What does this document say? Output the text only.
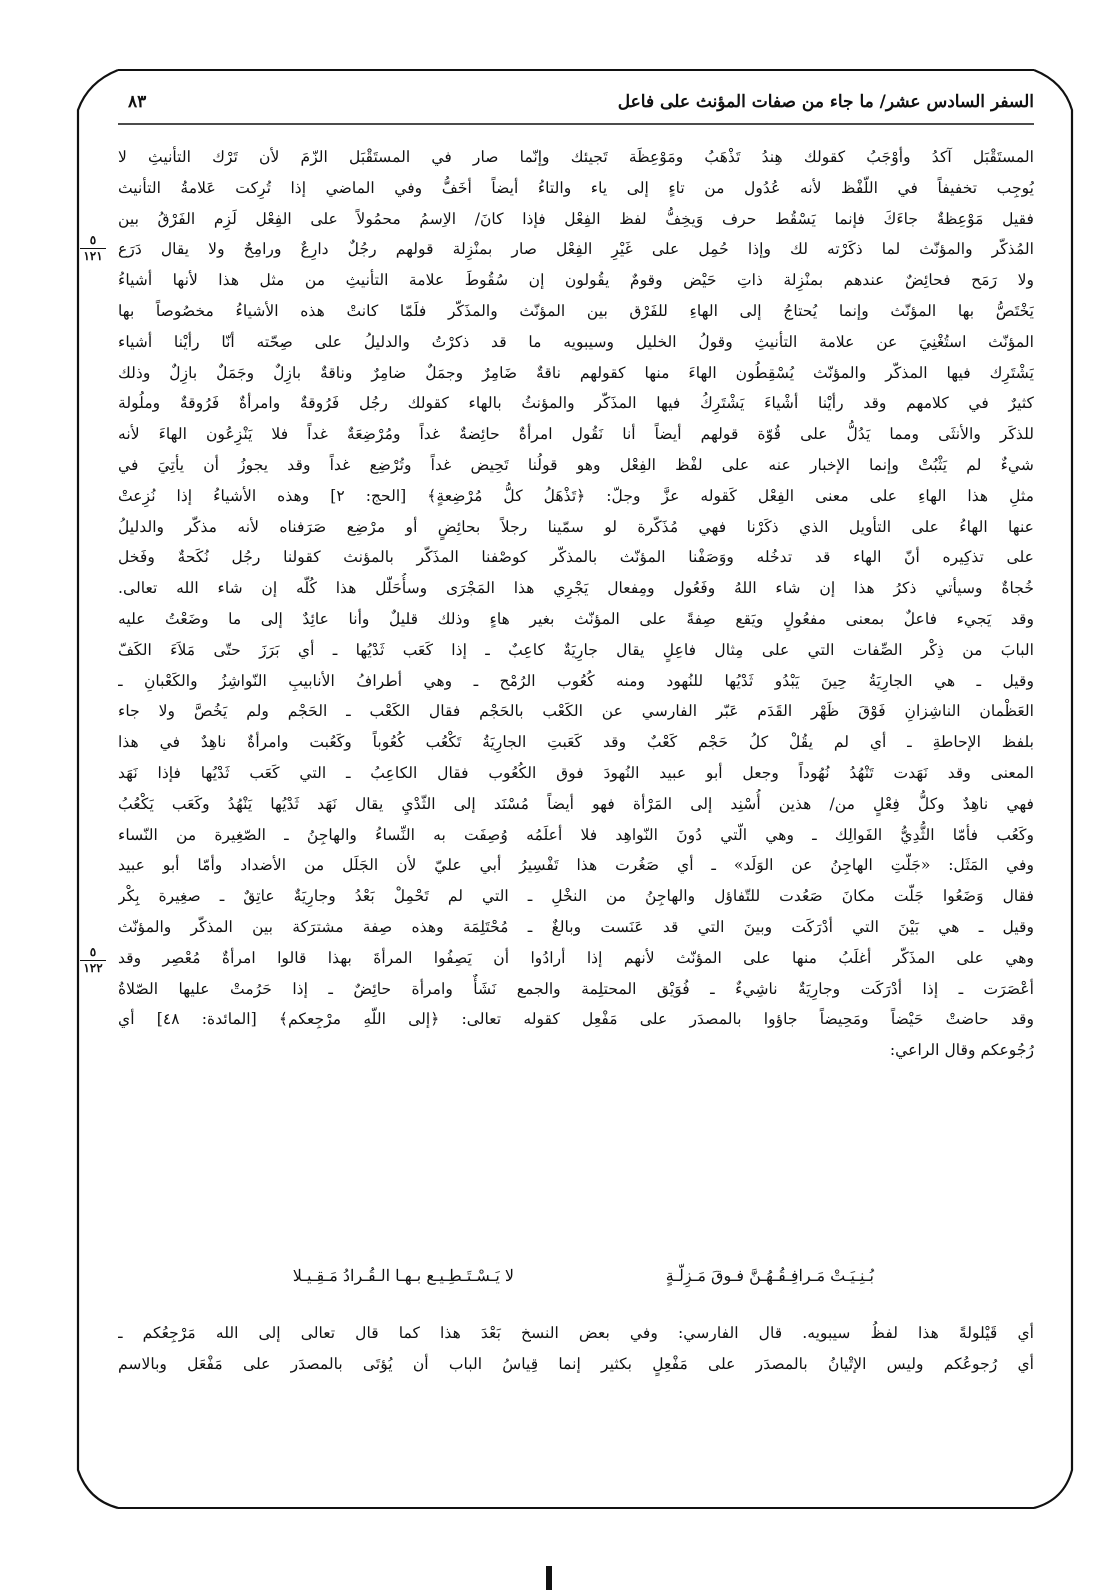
السفر السادس عشر/ ما جاء من صفات المؤنث على فاعل
٨٣
٥
١٢١
٥
١٢٢
المستَقْبَل آكدُ وأوْجَبُ كقولك هِندُ تَذْهَبُ ومَوْعِظَة تَجيئك وإنّما صار في المستَقْبَل الزّمَ لأن تَرْك التأنيثِ لا
يُوجِب تخفيفاً في اللّفْظ لأنه عُدُول من تاءٍ إلى ياء والتاءُ أيضاً أخَفُّ وفي الماضي إذا تُرِكت عَلامةُ التأنيث
فقيل مَوْعِظةٌ جاءَكَ فإنما يَسْقُط حرف وَيخِفُّ لفظ الفِعْل فإذا كانَ/ الاِسمُ محمُولاً على الفِعْل لَزِم الفَرْقُ بين
المُذكّر والمؤنّث لما ذكَرْته لك وإذا حُمِل على غَيْرِ الفِعْل صار بمنْزِلة قولهم رجُلٌ دارِعٌ ورامِحٌ ولا يقال دَرَع
ولا رَمَح فحائِضٌ عندهم بمنْزِلة ذاتِ حَيْض وقومٌ يقُولون إن سُقُوطَ علامة التأنيثِ من مثل هذا لأنها أشياءُ
يَخْتَصُّ بها المؤنّث وإنما يُحتاجُ إلى الهاءِ للفَرْق بين المؤنّث والمذَكّر فلَمّا كانتْ هذه الأشياءُ مخصُوصاً بها
المؤنّث استُغْنِيَ عن علامة التأنيثِ وقولُ الخليل وسيبويه ما قد ذكرْتُ والدليلُ على صِحّته أنّا رأيْنا أشياء
يَشْتَرِك فيها المذكّر والمؤنّث يُسْقِطُون الهاءَ منها كقولهم ناقةٌ ضَامِرٌ وجمَلٌ ضامِرٌ وناقةٌ بازِلٌ وجَمَلٌ بازِلٌ وذلك
كثيرٌ في كلامهم وقد رأيْنا أشْياءَ يَشْتَرِكُ فيها المذَكّر والمؤنثُ بالهاء كقولك رجُل فَرُوقةٌ وامرأةٌ فَرُوقةٌ وملُولة
للذكَر والأنثَى ومما يَدُلُّ على قُوّة قولهم أيضاً أنا نَقُول امرأةٌ حائِضةٌ غداً ومُرْضِعَةٌ غداً فلا يَنْزِعُون الهاءَ لأنه
شيءٌ لم يَثْبُتْ وإنما الإخبار عنه على لفْظ الفِعْل وهو قولُنا تَحِيض غداً وتُرْضِع غداً وقد يجوزُ أن يأتِيَ في
مثلِ هذا الهاءِ على معنى الفِعْل كَقوله عزَّ وجلّ: ﴿تَذْهَلُ كلُّ مُرْضِعةٍ﴾ [الحج: ٢] وهذه الأشياءُ إذا نُزِعتْ
عنها الهاءُ على التأويل الذي ذكَرْنا فهي مُذَكّرة لو سمّينا رجلاً بحائِضٍ أو مرْضِع صَرَفناه لأنه مذكّر والدليلُ
على تذكِيره أنّ الهاء قد تدخُله ووَصَفْنا المؤنّث بالمذكّر كوصْفنا المذَكّر بالمؤنث كقولنا رجُل نُكَحةٌ وفَخل
خُجاةٌ وسيأتي ذكرُ هذا إن شاء اللهُ وفَعُول ومِفعال يَجْرِي هذا المَجْرَى وسأُحَلّل هذا كُلّه إن شاء الله تعالى.
وقد يَجيء فاعلٌ بمعنى مفعُولٍ ويَقع صِفةً على المؤنّث بغير هاءٍ وذلك قليلٌ وأنا عائِدٌ إلى ما وضَعْتُ عليه
البابَ من ذِكْر الصِّفات التي على مِثال فاعِلٍ يقال جارِيَةٌ كاعِبٌ ـ إذا كَعَب ثَدْيُها ـ أي بَرَزَ حتّى مَلاَءَ الكَفّ
وقيل ـ هي الجارِيَةُ حِينَ يَبْدُو ثَدْيُها للنُهود ومنه كُعُوب الرُمْح ـ وهي أطرافُ الأنابيبِ النّواشِزُ والكَعْبانِ ـ
العَظْمان الناشِزانِ فَوْقَ ظَهْر القَدَم عَبّر الفارسي عن الكَعْب بالحَجْم فقال الكَعْب ـ الحَجْم ولم يَخُصَّ ولا جاء
بلفظ الإحاطةِ ـ أي لم يقُلْ كلُ حَجْم كَعْبٌ وقد كَعَبتِ الجارِيَةُ تَكْعُب كُعُوباً وكَعُبت وامرأةٌ ناهِدٌ في هذا
المعنى وقد نَهَدت تَنْهُدُ نُهُوداً وجعل أبو عبيد النُهودَ فوق الكُعُوب فقال الكاعِبُ ـ التي كَعَب ثَدْيُها فإذا نَهَد
فهي ناهِدٌ وكلُّ فِعْلٍ من/ هذين أُسْنِد إلى المَرْأة فهو أيضاً مُسْنَد إلى الثّدْيِ يقال نَهَد ثَدْيُها يَنْهُدُ وكَعَب يَكْعُبُ
وكَعُب فأمّا الثُّدِيُّ الفَوالِك ـ وهي الّتي دُونَ النّواهِد فلا أعلَمُه وُصِفَت به النِّساءُ والهاجِنُ ـ الصّغِيرة من النّساء
وفي المَثَل: «جَلّتِ الهاجِنُ عن الوَلَد» ـ أي صَغُرت هذا تَفْسِيرُ أبي عليّ لأن الجَلَل من الأضداد وأمّا أبو عبيد
فقال وَضَعُوا جَلّت مكانَ صَعُدت للتّفاؤل والهاجِنُ من النخْلِ ـ التي لم تَحْمِلْ بَعْدُ وجارِيَةٌ عاتِقٌ ـ صغِيرة بِكْر
وقيل ـ هي بَيْنَ التي أدْرَكَت وبينَ التي قد عَنَست وبالغٌ ـ مُحْتَلِمَة وهذه صِفة مشترَكة بين المذكّر والمؤنّث
وهي على المذَكّر أغلَبُ منها على المؤنّث لأنهم إذا أرادُوا أن يَصِفُوا المرأةَ بهذا قالوا امرأةٌ مُعْصِر وقد
أعْصَرَت ـ إذا أدْرَكَت وجارِيَةٌ ناشِيءٌ ـ فُوَيْق المحتلِمة والجمع نَشَأٌ وامرأة حائِضٌ ـ إذا حَرُمتْ عليها الصّلاةُ
وقد حاضتْ حَيْضاً ومَحِيضاً جاؤوا بالمصدَر على مَفْعِل كقوله تعالى: ﴿إلى اللّهِ مرْجِعكم﴾ [المائدة: ٤٨] أي
رُجُوعكم وقال الراعي:
بُـنِـيَـتْ مَـرافِـقُـهُـنَّ فـوقَ مَـزِلّـةٍ
لا يَـسْـتَـطِـيـع بـهـا الـقُـرادُ مَـقِـيـلا
أي قَيْلولةً هذا لفظُ سيبويه. قال الفارسي: وفي بعض النسخ بَعْدَ هذا كما قال تعالى إلى الله مَرْجِعُكم ـ
أي رُجوعُكم وليس الإتْيانُ بالمصدَر على مَفْعِلٍ بكثير إنما قِياسُ الباب أن يُؤتَى بالمصدَر على مَفْعَل وبالاسم
